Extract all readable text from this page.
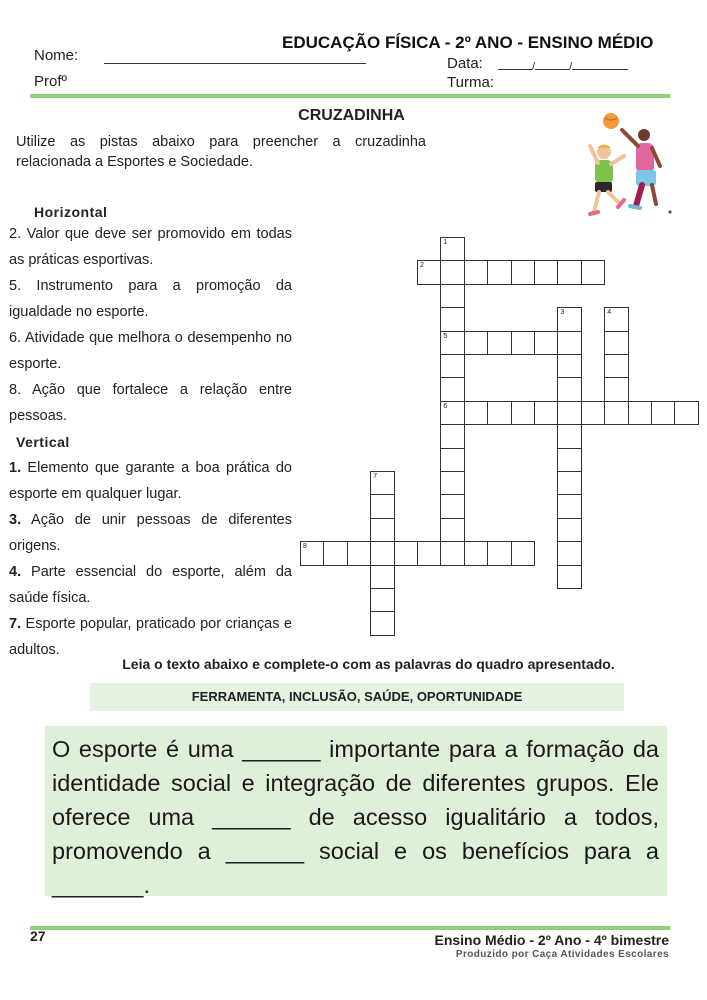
EDUCAÇÃO FÍSICA - 2º ANO - ENSINO MÉDIO
Nome:	Data:	/	/
Profº	Turma:
CRUZADINHA
Utilize as pistas abaixo para preencher a cruzadinha relacionada a Esportes e Sociedade.
Horizontal
2. Valor que deve ser promovido em todas as práticas esportivas.
5. Instrumento para a promoção da igualdade no esporte.
6. Atividade que melhora o desempenho no esporte.
8. Ação que fortalece a relação entre pessoas.
Vertical
1. Elemento que garante a boa prática do esporte em qualquer lugar.
3. Ação de unir pessoas de diferentes origens.
4. Parte essencial do esporte, além da saúde física.
7. Esporte popular, praticado por crianças e adultos.
1
5
6
2
3	4
7
8
Leia o texto abaixo e complete-o com as palavras do quadro apresentado.
FERRAMENTA, INCLUSÃO, SAÚDE, OPORTUNIDADE

O esporte é uma ______ importante para a formação da identidade social e integração de diferentes grupos. Ele oferece uma ______ de acesso igualitário a todos, promovendo a ______ social e os benefícios para a _______.

27	Ensino Médio - 2º Ano - 4º bimestre
Produzido por Caça Atividades Escolares
